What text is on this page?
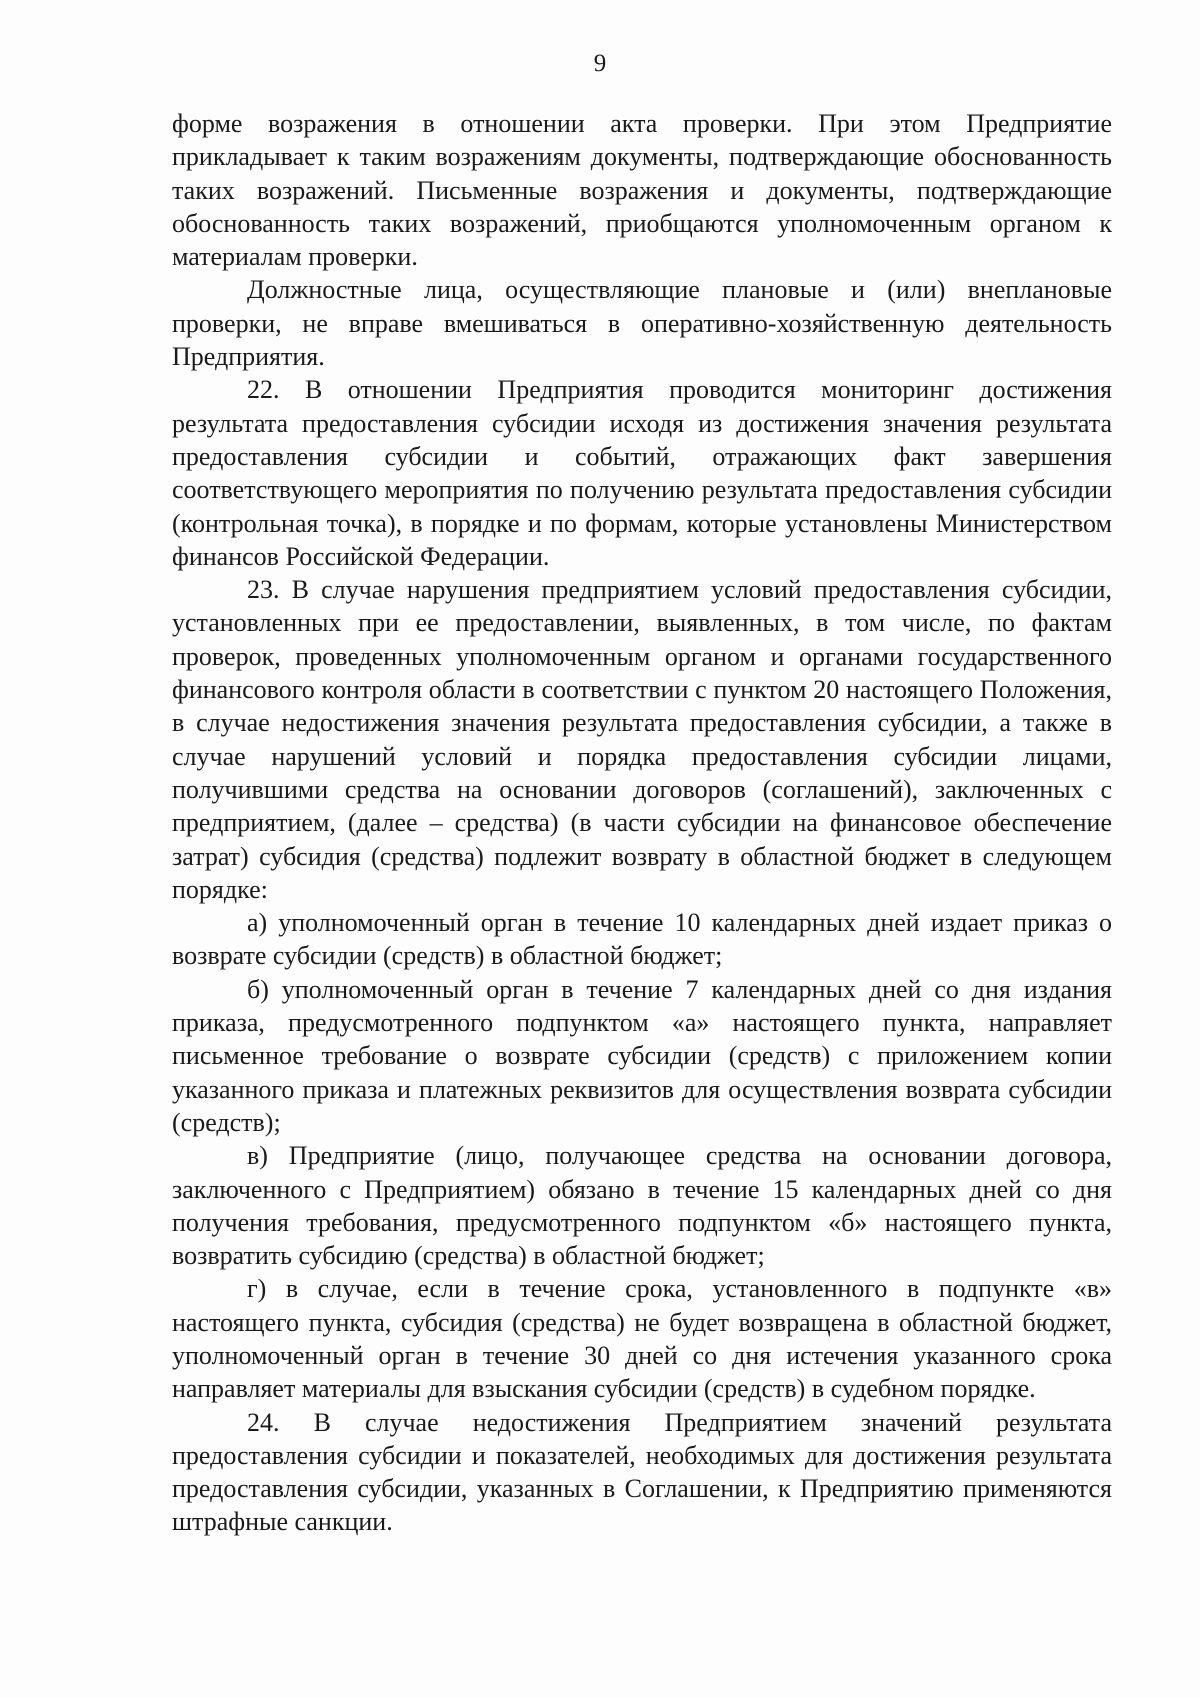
9

форме возражения в отношении акта проверки. При этом Предприятие прикладывает к таким возражениям документы, подтверждающие обоснованность таких возражений. Письменные возражения и документы, подтверждающие обоснованность таких возражений, приобщаются уполномоченным органом к материалам проверки.

Должностные лица, осуществляющие плановые и (или) внеплановые проверки, не вправе вмешиваться в оперативно-хозяйственную деятельность Предприятия.

22. В отношении Предприятия проводится мониторинг достижения результата предоставления субсидии исходя из достижения значения результата предоставления субсидии и событий, отражающих факт завершения соответствующего мероприятия по получению результата предоставления субсидии (контрольная точка), в порядке и по формам, которые установлены Министерством финансов Российской Федерации.

23. В случае нарушения предприятием условий предоставления субсидии, установленных при ее предоставлении, выявленных, в том числе, по фактам проверок, проведенных уполномоченным органом и органами государственного финансового контроля области в соответствии с пунктом 20 настоящего Положения, в случае недостижения значения результата предоставления субсидии, а также в случае нарушений условий и порядка предоставления субсидии лицами, получившими средства на основании договоров (соглашений), заключенных с предприятием, (далее – средства) (в части субсидии на финансовое обеспечение затрат) субсидия (средства) подлежит возврату в областной бюджет в следующем порядке:

а) уполномоченный орган в течение 10 календарных дней издает приказ о возврате субсидии (средств) в областной бюджет;

б) уполномоченный орган в течение 7 календарных дней со дня издания приказа, предусмотренного подпунктом «а» настоящего пункта, направляет письменное требование о возврате субсидии (средств) с приложением копии указанного приказа и платежных реквизитов для осуществления возврата субсидии (средств);

в) Предприятие (лицо, получающее средства на основании договора, заключенного с Предприятием) обязано в течение 15 календарных дней со дня получения требования, предусмотренного подпунктом «б» настоящего пункта, возвратить субсидию (средства) в областной бюджет;

г) в случае, если в течение срока, установленного в подпункте «в» настоящего пункта, субсидия (средства) не будет возвращена в областной бюджет, уполномоченный орган в течение 30 дней со дня истечения указанного срока направляет материалы для взыскания субсидии (средств) в судебном порядке.

24. В случае недостижения Предприятием значений результата предоставления субсидии и показателей, необходимых для достижения результата предоставления субсидии, указанных в Соглашении, к Предприятию применяются штрафные санкции.
